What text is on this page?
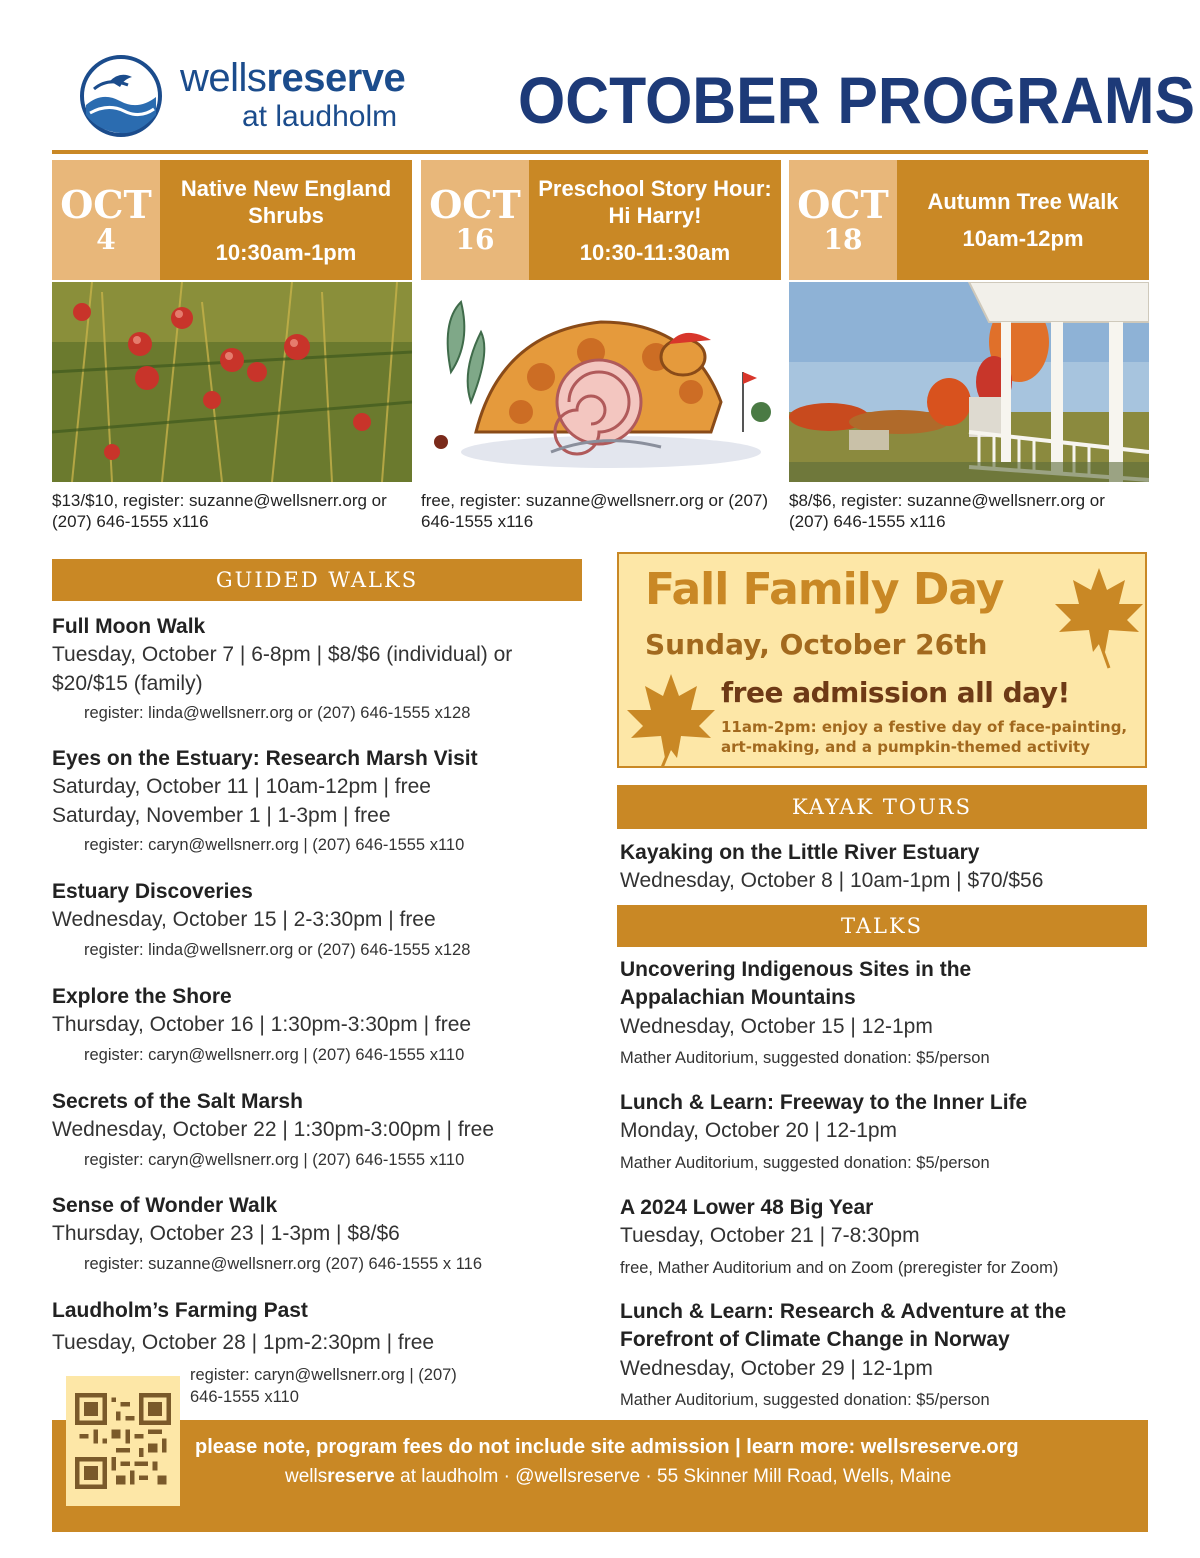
wellsreserve
at laudholm OCTOBER PROGRAMS
OCT
4
Native New England Shrubs
10:30am-1pm
$13/$10, register: suzanne@wellsnerr.org or (207) 646-1555 x116
OCT
16
Preschool Story Hour: Hi Harry!
10:30-11:30am
free, register: suzanne@wellsnerr.org or (207) 646-1555 x116
OCT
18
Autumn Tree Walk
10am-12pm
$8/$6, register: suzanne@wellsnerr.org or (207) 646-1555 x116
GUIDED WALKS
Full Moon Walk
Tuesday, October 7 | 6-8pm | $8/$6 (individual) or $20/$15 (family)
register: linda@wellsnerr.org or (207) 646-1555 x128
Eyes on the Estuary: Research Marsh Visit
Saturday, October 11 | 10am-12pm | free
Saturday, November 1 | 1-3pm | free
register: caryn@wellsnerr.org | (207) 646-1555 x110
Estuary Discoveries
Wednesday, October 15 | 2-3:30pm | free
register: linda@wellsnerr.org or (207) 646-1555 x128
Explore the Shore
Thursday, October 16 | 1:30pm-3:30pm | free
register: caryn@wellsnerr.org | (207) 646-1555 x110
Secrets of the Salt Marsh
Wednesday, October 22 | 1:30pm-3:00pm | free
register: caryn@wellsnerr.org | (207) 646-1555 x110
Sense of Wonder Walk
Thursday, October 23 | 1-3pm | $8/$6
register: suzanne@wellsnerr.org (207) 646-1555 x 116
Laudholm’s Farming Past
Tuesday, October 28 | 1pm-2:30pm | free
register: caryn@wellsnerr.org | (207) 646-1555 x110
Fall Family Day
Sunday, October 26th
free admission all day!
11am-2pm: enjoy a festive day of face-painting, art-making, and a pumpkin-themed activity
KAYAK TOURS
Kayaking on the Little River Estuary
Wednesday, October 8 | 10am-1pm | $70/$56
TALKS
Uncovering Indigenous Sites in the Appalachian Mountains
Wednesday, October 15 | 12-1pm
Mather Auditorium, suggested donation: $5/person
Lunch & Learn: Freeway to the Inner Life
Monday, October 20 | 12-1pm
Mather Auditorium, suggested donation: $5/person
A 2024 Lower 48 Big Year
Tuesday, October 21 | 7-8:30pm
free, Mather Auditorium and on Zoom (preregister for Zoom)
Lunch & Learn: Research & Adventure at the Forefront of Climate Change in Norway
Wednesday, October 29 | 12-1pm
Mather Auditorium, suggested donation: $5/person
please note, program fees do not include site admission | learn more: wellsreserve.org
wellsreserve at laudholm · @wellsreserve · 55 Skinner Mill Road, Wells, Maine
